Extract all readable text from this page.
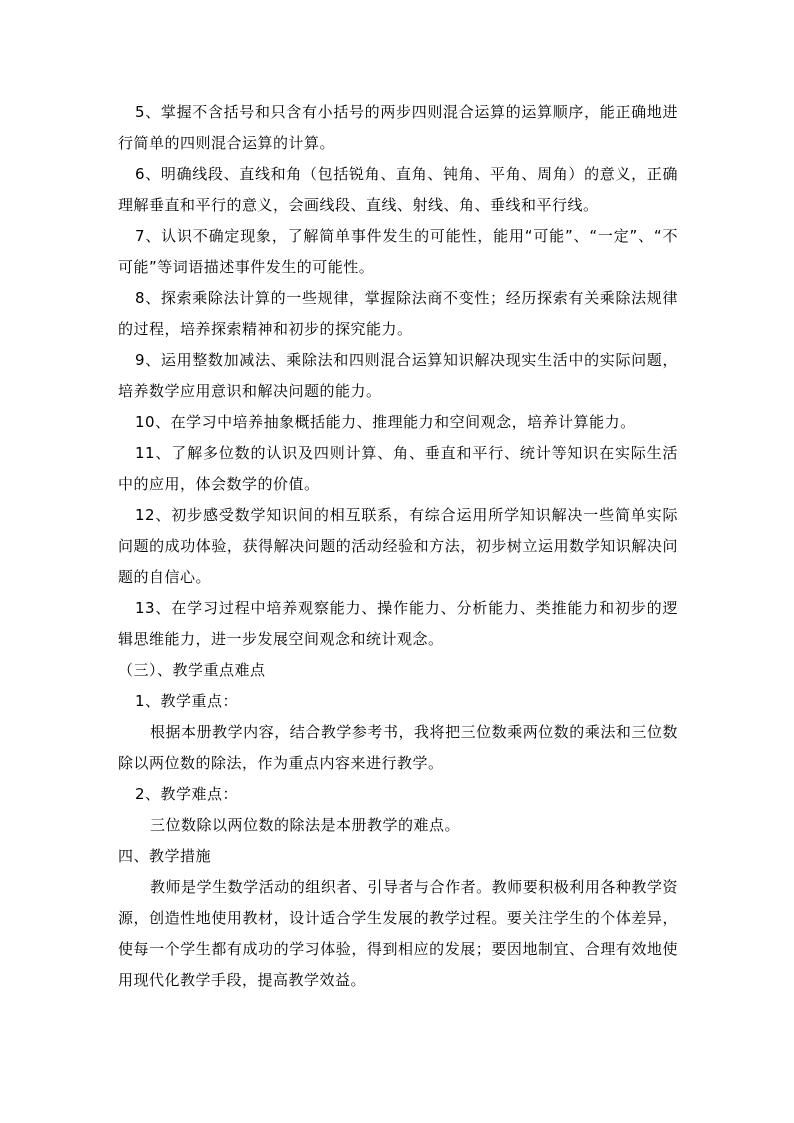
5、掌握不含括号和只含有小括号的两步四则混合运算的运算顺序，能正确地进行简单的四则混合运算的计算。

6、明确线段、直线和角（包括锐角、直角、钝角、平角、周角）的意义，正确理解垂直和平行的意义，会画线段、直线、射线、角、垂线和平行线。

7、认识不确定现象，了解简单事件发生的可能性，能用“可能”、“一定”、“不可能”等词语描述事件发生的可能性。

8、探索乘除法计算的一些规律，掌握除法商不变性；经历探索有关乘除法规律的过程，培养探索精神和初步的探究能力。

9、运用整数加减法、乘除法和四则混合运算知识解决现实生活中的实际问题，培养数学应用意识和解决问题的能力。

10、在学习中培养抽象概括能力、推理能力和空间观念，培养计算能力。

11、了解多位数的认识及四则计算、角、垂直和平行、统计等知识在实际生活中的应用，体会数学的价值。

12、初步感受数学知识间的相互联系，有综合运用所学知识解决一些简单实际问题的成功体验，获得解决问题的活动经验和方法，初步树立运用数学知识解决问题的自信心。

13、在学习过程中培养观察能力、操作能力、分析能力、类推能力和初步的逻辑思维能力，进一步发展空间观念和统计观念。

（三）、教学重点难点

1、教学重点：

根据本册教学内容，结合教学参考书，我将把三位数乘两位数的乘法和三位数除以两位数的除法，作为重点内容来进行教学。

2、教学难点：

三位数除以两位数的除法是本册教学的难点。

四、教学措施

教师是学生数学活动的组织者、引导者与合作者。教师要积极利用各种教学资源，创造性地使用教材，设计适合学生发展的教学过程。要关注学生的个体差异，使每一个学生都有成功的学习体验，得到相应的发展；要因地制宜、合理有效地使用现代化教学手段，提高教学效益。
